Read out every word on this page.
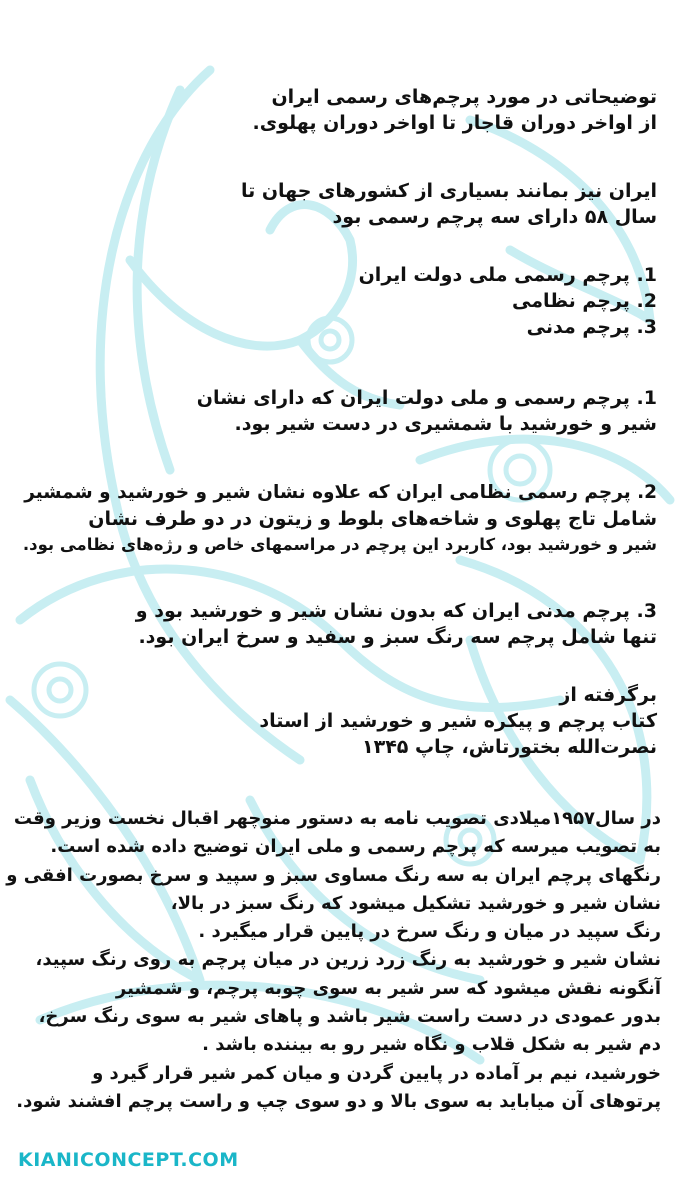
توضیحاتی در مورد پرچم‌های رسمی ایران
از اواخر دوران قاجار تا اواخر دوران پهلوی.
ایران نیز بمانند بسیاری از کشورهای جهان تا
سال ۵۸ دارای سه پرچم رسمی بود
1. پرچم رسمی ملی دولت ایران
2. پرچم نظامی
3. پرچم مدنی
1. پرچم رسمی و ملی دولت ایران که دارای نشان
شیر و خورشید با شمشیری در دست شیر بود.
2. پرچم رسمی نظامی ایران که علاوه نشان شیر و خورشید و شمشیر
شامل تاج پهلوی و شاخه‌های بلوط و زیتون در دو طرف نشان
شیر و خورشید بود، کاربرد این پرچم در مراسمهای خاص و رژه‌های نظامی بود.
3. پرچم مدنی ایران که بدون نشان شیر و خورشید بود و
تنها شامل پرچم سه رنگ سبز و سفید و سرخ ایران بود.
برگرفته از
کتاب پرچم و پیکره شیر و خورشید از استاد
نصرت‌الله بختورتاش، چاپ ۱۳۴۵
در سال۱۹۵۷میلادی تصویب نامه به دستور منوچهر اقبال نخست وزیر وقت
به تصویب میرسه که پرچم رسمی و ملی ایران توضیح داده شده است.
رنگهای پرچم ایران به سه رنگ مساوی سبز و سپید و سرخ بصورت افقی و
نشان شیر و خورشید تشکیل میشود که رنگ سبز در بالا،
رنگ سپید در میان و رنگ سرخ در پایین قرار میگیرد .
نشان شیر و خورشید به رنگ زرد زرین در میان پرچم به روی رنگ سپید،
آنگونه نقش میشود که سر شیر به سوی چوبه پرچم، و شمشیر
بدور عمودی در دست راست شیر باشد و پاهای شیر به سوی رنگ سرخ،
دم شیر به شکل قلاب و نگاه شیر رو به بیننده باشد .
خورشید، نیم بر آماده در پایین گردن و میان کمر شیر قرار گیرد و
پرتوهای آن میاباید به سوی بالا و دو سوی چپ و راست پرچم افشند شود.
KIANICONCEPT.COM
